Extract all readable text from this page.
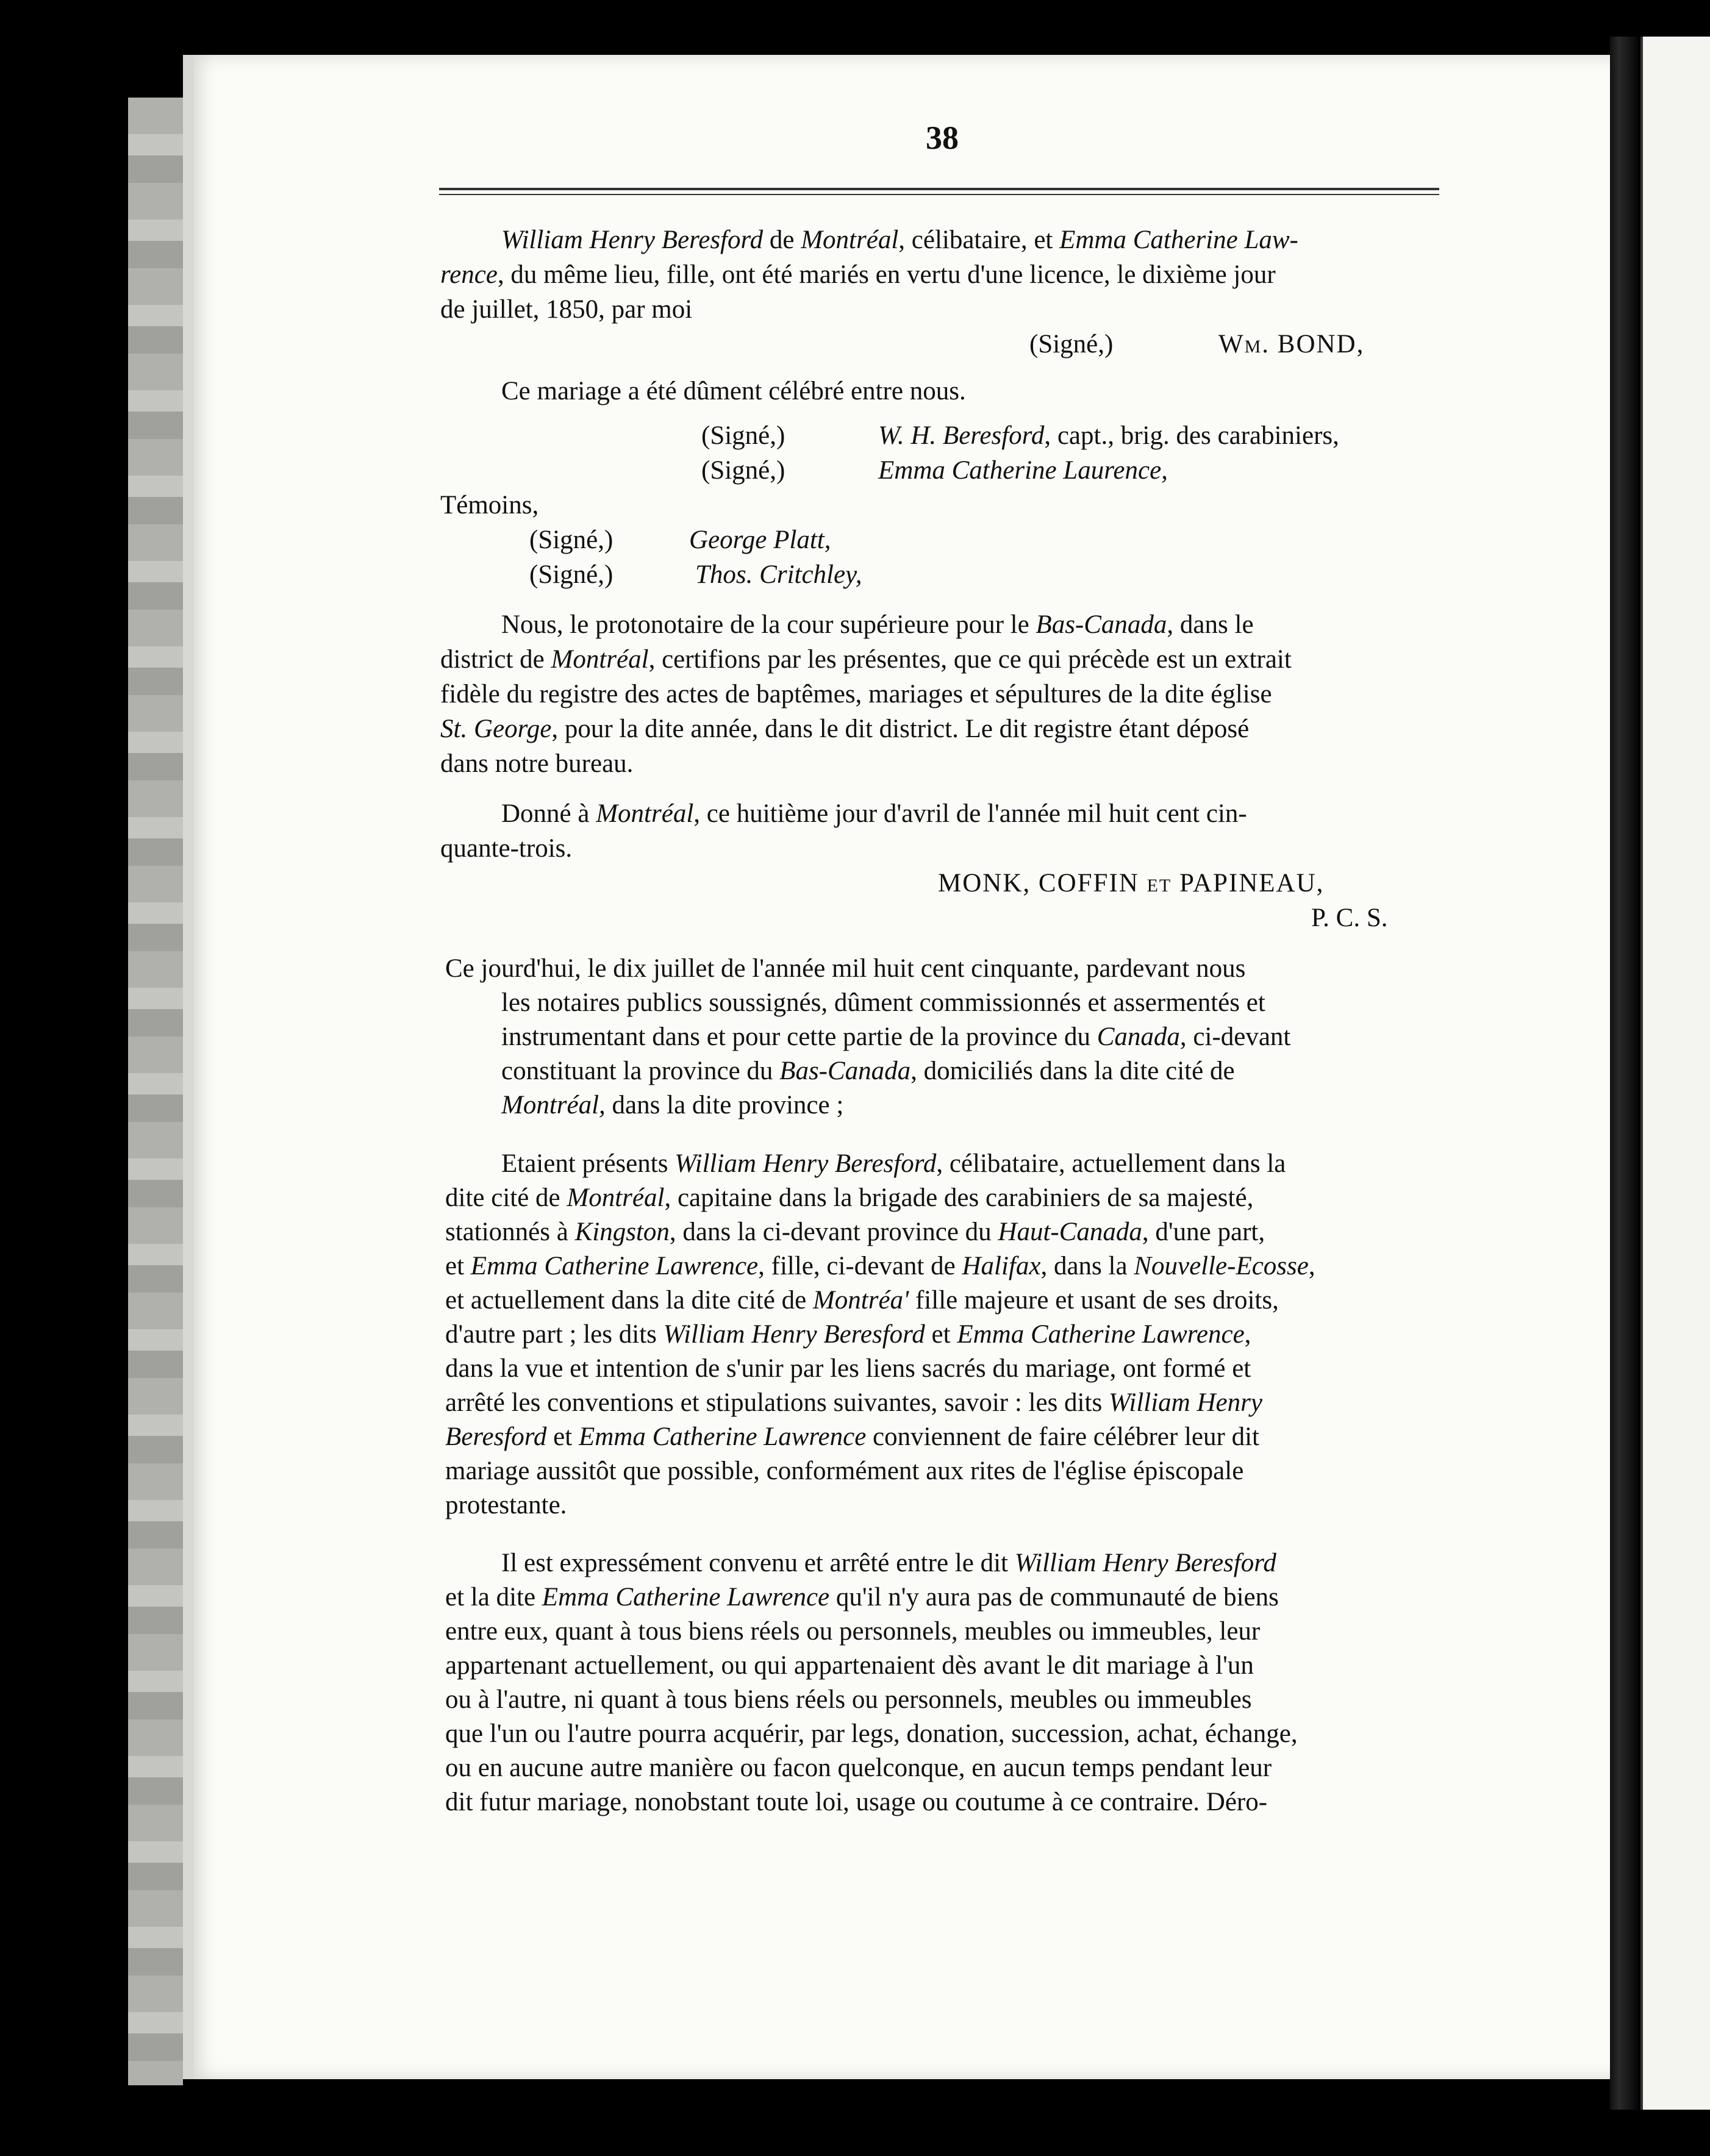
38
William Henry Beresford de Montréal, célibataire, et Emma Catherine Law-
rence, du même lieu, fille, ont été mariés en vertu d'une licence, le dixième jour
de juillet, 1850, par moi
(Signé,)	Wm. BOND,
Ce mariage a été dûment célébré entre nous.
(Signé,)	W. H. Beresford, capt., brig. des carabiniers,
(Signé,)	Emma Catherine Laurence,
Témoins,
(Signé,)	George Platt,
(Signé,)	Thos. Critchley,
Nous, le protonotaire de la cour supérieure pour le Bas-Canada, dans le
district de Montréal, certifions par les présentes, que ce qui précède est un extrait
fidèle du registre des actes de baptêmes, mariages et sépultures de la dite église
St. George, pour la dite année, dans le dit district. Le dit registre étant déposé
dans notre bureau.
Donné à Montréal, ce huitième jour d'avril de l'année mil huit cent cin-
quante-trois.
MONK, COFFIN et PAPINEAU,
P. C. S.
Ce jourd'hui, le dix juillet de l'année mil huit cent cinquante, pardevant nous
les notaires publics soussignés, dûment commissionnés et assermentés et
instrumentant dans et pour cette partie de la province du Canada, ci-devant
constituant la province du Bas-Canada, domiciliés dans la dite cité de
Montréal, dans la dite province ;
Etaient présents William Henry Beresford, célibataire, actuellement dans la
dite cité de Montréal, capitaine dans la brigade des carabiniers de sa majesté,
stationnés à Kingston, dans la ci-devant province du Haut-Canada, d'une part,
et Emma Catherine Lawrence, fille, ci-devant de Halifax, dans la Nouvelle-Ecosse,
et actuellement dans la dite cité de Montréa' fille majeure et usant de ses droits,
d'autre part ; les dits William Henry Beresford et Emma Catherine Lawrence,
dans la vue et intention de s'unir par les liens sacrés du mariage, ont formé et
arrêté les conventions et stipulations suivantes, savoir : les dits William Henry
Beresford et Emma Catherine Lawrence conviennent de faire célébrer leur dit
mariage aussitôt que possible, conformément aux rites de l'église épiscopale
protestante.
Il est expressément convenu et arrêté entre le dit William Henry Beresford
et la dite Emma Catherine Lawrence qu'il n'y aura pas de communauté de biens
entre eux, quant à tous biens réels ou personnels, meubles ou immeubles, leur
appartenant actuellement, ou qui appartenaient dès avant le dit mariage à l'un
ou à l'autre, ni quant à tous biens réels ou personnels, meubles ou immeubles
que l'un ou l'autre pourra acquérir, par legs, donation, succession, achat, échange,
ou en aucune autre manière ou facon quelconque, en aucun temps pendant leur
dit futur mariage, nonobstant toute loi, usage ou coutume à ce contraire. Déro-
